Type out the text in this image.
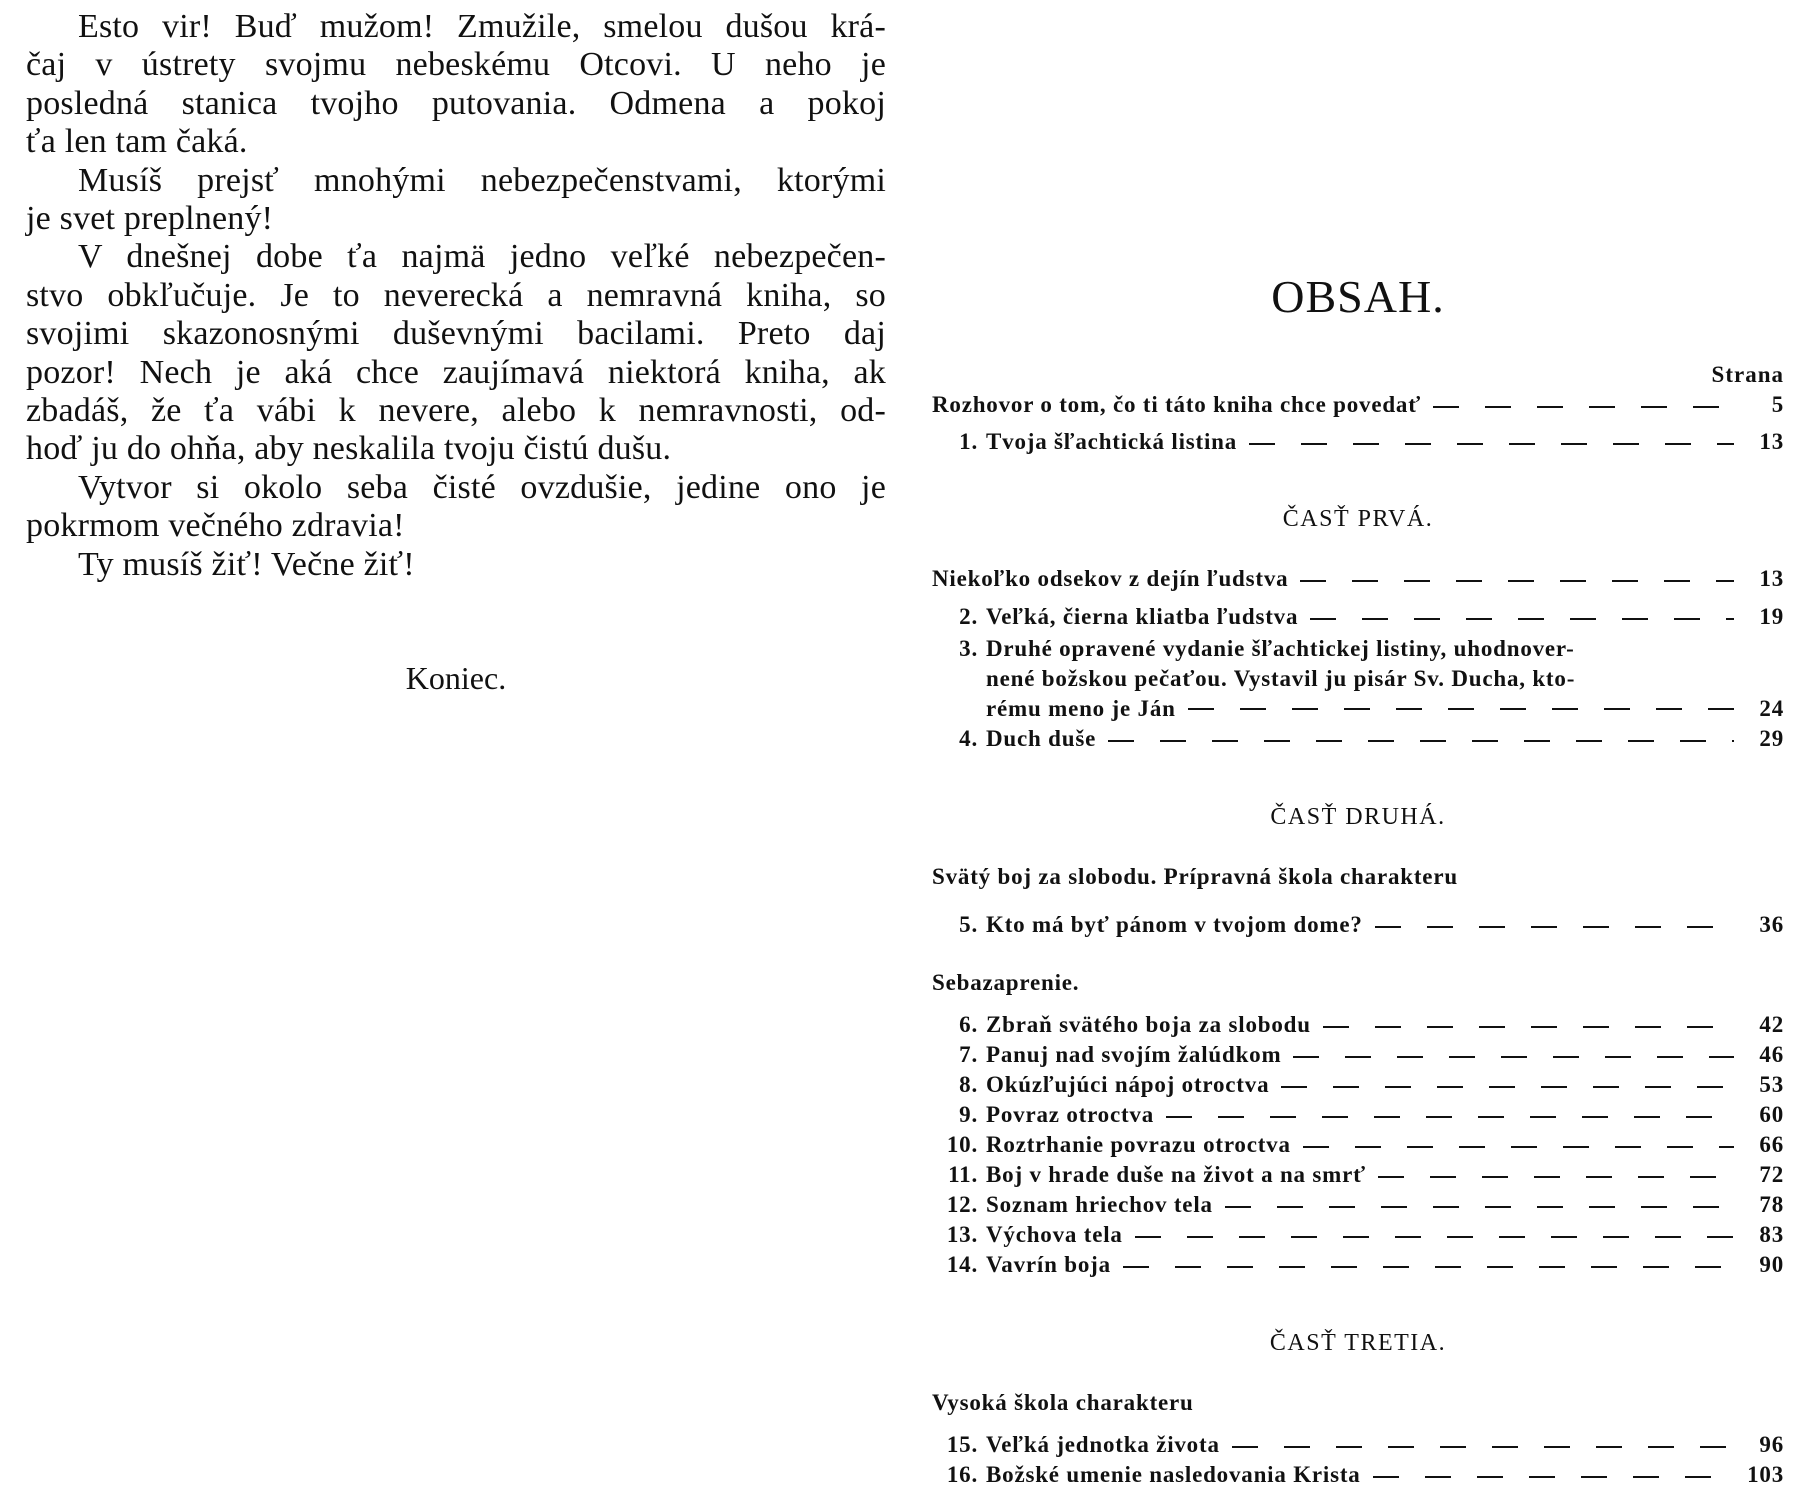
Esto vir! Buď mužom! Zmužile, smelou dušou krá-
čaj v ústrety svojmu nebeskému Otcovi. U neho je
posledná stanica tvojho putovania. Odmena a pokoj
ťa len tam čaká.

Musíš prejsť mnohými nebezpečenstvami, ktorými
je svet preplnený!

V dnešnej dobe ťa najmä jedno veľké nebezpečen-
stvo obkľučuje. Je to neverecká a nemravná kniha, so
svojimi skazonosnými duševnými bacilami. Preto daj
pozor! Nech je aká chce zaujímavá niektorá kniha, ak
zbadáš, že ťa vábi k nevere, alebo k nemravnosti, od-
hoď ju do ohňa, aby neskalila tvoju čistú dušu.

Vytvor si okolo seba čisté ovzdušie, jedine ono je
pokrmom večného zdravia!

Ty musíš žiť! Večne žiť!

Koniec.
OBSAH.
Strana
Rozhovor o tom, čo ti táto kniha chce povedať	5
1. Tvoja šľachtická listina	13
ČASŤ PRVÁ.
Niekoľko odsekov z dejín ľudstva	13
2. Veľká, čierna kliatba ľudstva	19
3. Druhé opravené vydanie šľachtickej listiny, uhodnover-
nené božskou pečaťou. Vystavil ju pisár Sv. Ducha, kto-
rému meno je Ján	24
4. Duch duše	29
ČASŤ DRUHÁ.
Svätý boj za slobodu. Prípravná škola charakteru
5. Kto má byť pánom v tvojom dome?	36
Sebazaprenie.
6. Zbraň svätého boja za slobodu	42
7. Panuj nad svojím žalúdkom	46
8. Okúzľujúci nápoj otroctva	53
9. Povraz otroctva	60
10. Roztrhanie povrazu otroctva	66
11. Boj v hrade duše na život a na smrť	72
12. Soznam hriechov tela	78
13. Výchova tela	83
14. Vavrín boja	90
ČASŤ TRETIA.
Vysoká škola charakteru
15. Veľká jednotka života	96
16. Božské umenie nasledovania Krista	103
